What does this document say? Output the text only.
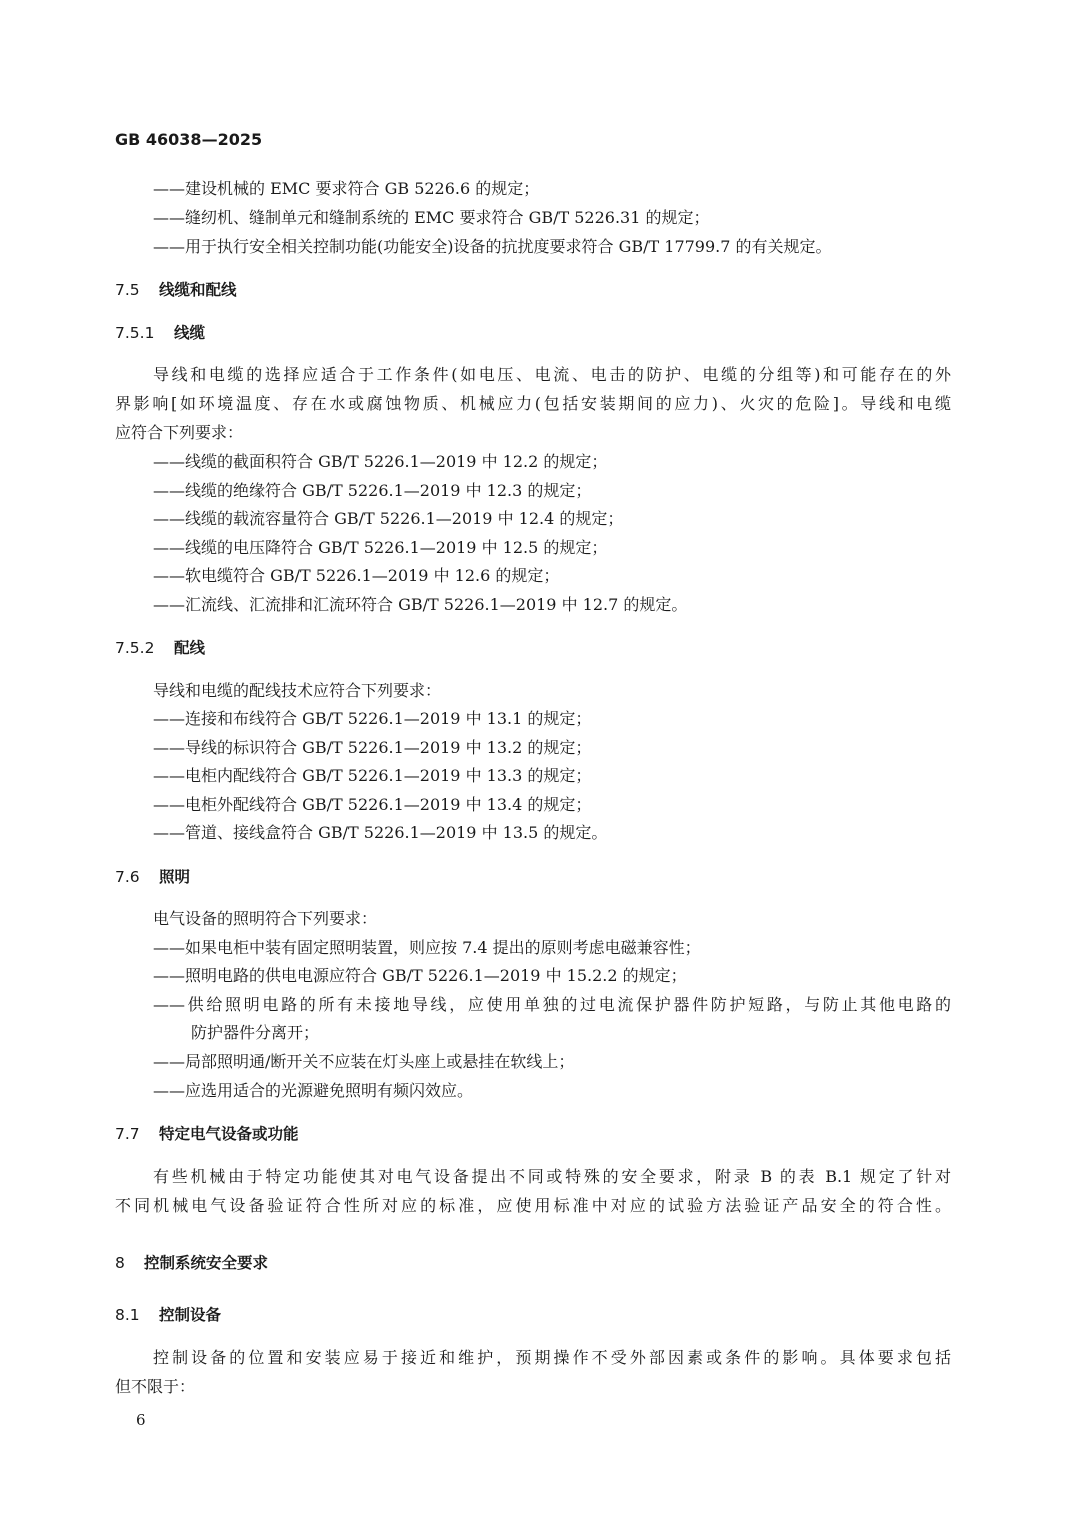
GB 46038—2025
——建设机械的 EMC 要求符合 GB 5226.6 的规定；
——缝纫机、缝制单元和缝制系统的 EMC 要求符合 GB/T 5226.31 的规定；
——用于执行安全相关控制功能(功能安全)设备的抗扰度要求符合 GB/T 17799.7 的有关规定。
7.5 线缆和配线
7.5.1 线缆
导线和电缆的选择应适合于工作条件(如电压、电流、电击的防护、电缆的分组等)和可能存在的外
界影响[如环境温度、存在水或腐蚀物质、机械应力(包括安装期间的应力)、火灾的危险]。导线和电缆
应符合下列要求：
——线缆的截面积符合 GB/T 5226.1—2019 中 12.2 的规定；
——线缆的绝缘符合 GB/T 5226.1—2019 中 12.3 的规定；
——线缆的载流容量符合 GB/T 5226.1—2019 中 12.4 的规定；
——线缆的电压降符合 GB/T 5226.1—2019 中 12.5 的规定；
——软电缆符合 GB/T 5226.1—2019 中 12.6 的规定；
——汇流线、汇流排和汇流环符合 GB/T 5226.1—2019 中 12.7 的规定。
7.5.2 配线
导线和电缆的配线技术应符合下列要求：
——连接和布线符合 GB/T 5226.1—2019 中 13.1 的规定；
——导线的标识符合 GB/T 5226.1—2019 中 13.2 的规定；
——电柜内配线符合 GB/T 5226.1—2019 中 13.3 的规定；
——电柜外配线符合 GB/T 5226.1—2019 中 13.4 的规定；
——管道、接线盒符合 GB/T 5226.1—2019 中 13.5 的规定。
7.6 照明
电气设备的照明符合下列要求：
——如果电柜中装有固定照明装置，则应按 7.4 提出的原则考虑电磁兼容性；
——照明电路的供电电源应符合 GB/T 5226.1—2019 中 15.2.2 的规定；
——供给照明电路的所有未接地导线，应使用单独的过电流保护器件防护短路，与防止其他电路的
防护器件分离开；
——局部照明通/断开关不应装在灯头座上或悬挂在软线上；
——应选用适合的光源避免照明有频闪效应。
7.7 特定电气设备或功能
有些机械由于特定功能使其对电气设备提出不同或特殊的安全要求，附录 B 的表 B.1 规定了针对
不同机械电气设备验证符合性所对应的标准，应使用标准中对应的试验方法验证产品安全的符合性。
8 控制系统安全要求
8.1 控制设备
控制设备的位置和安装应易于接近和维护，预期操作不受外部因素或条件的影响。具体要求包括
但不限于：
6
